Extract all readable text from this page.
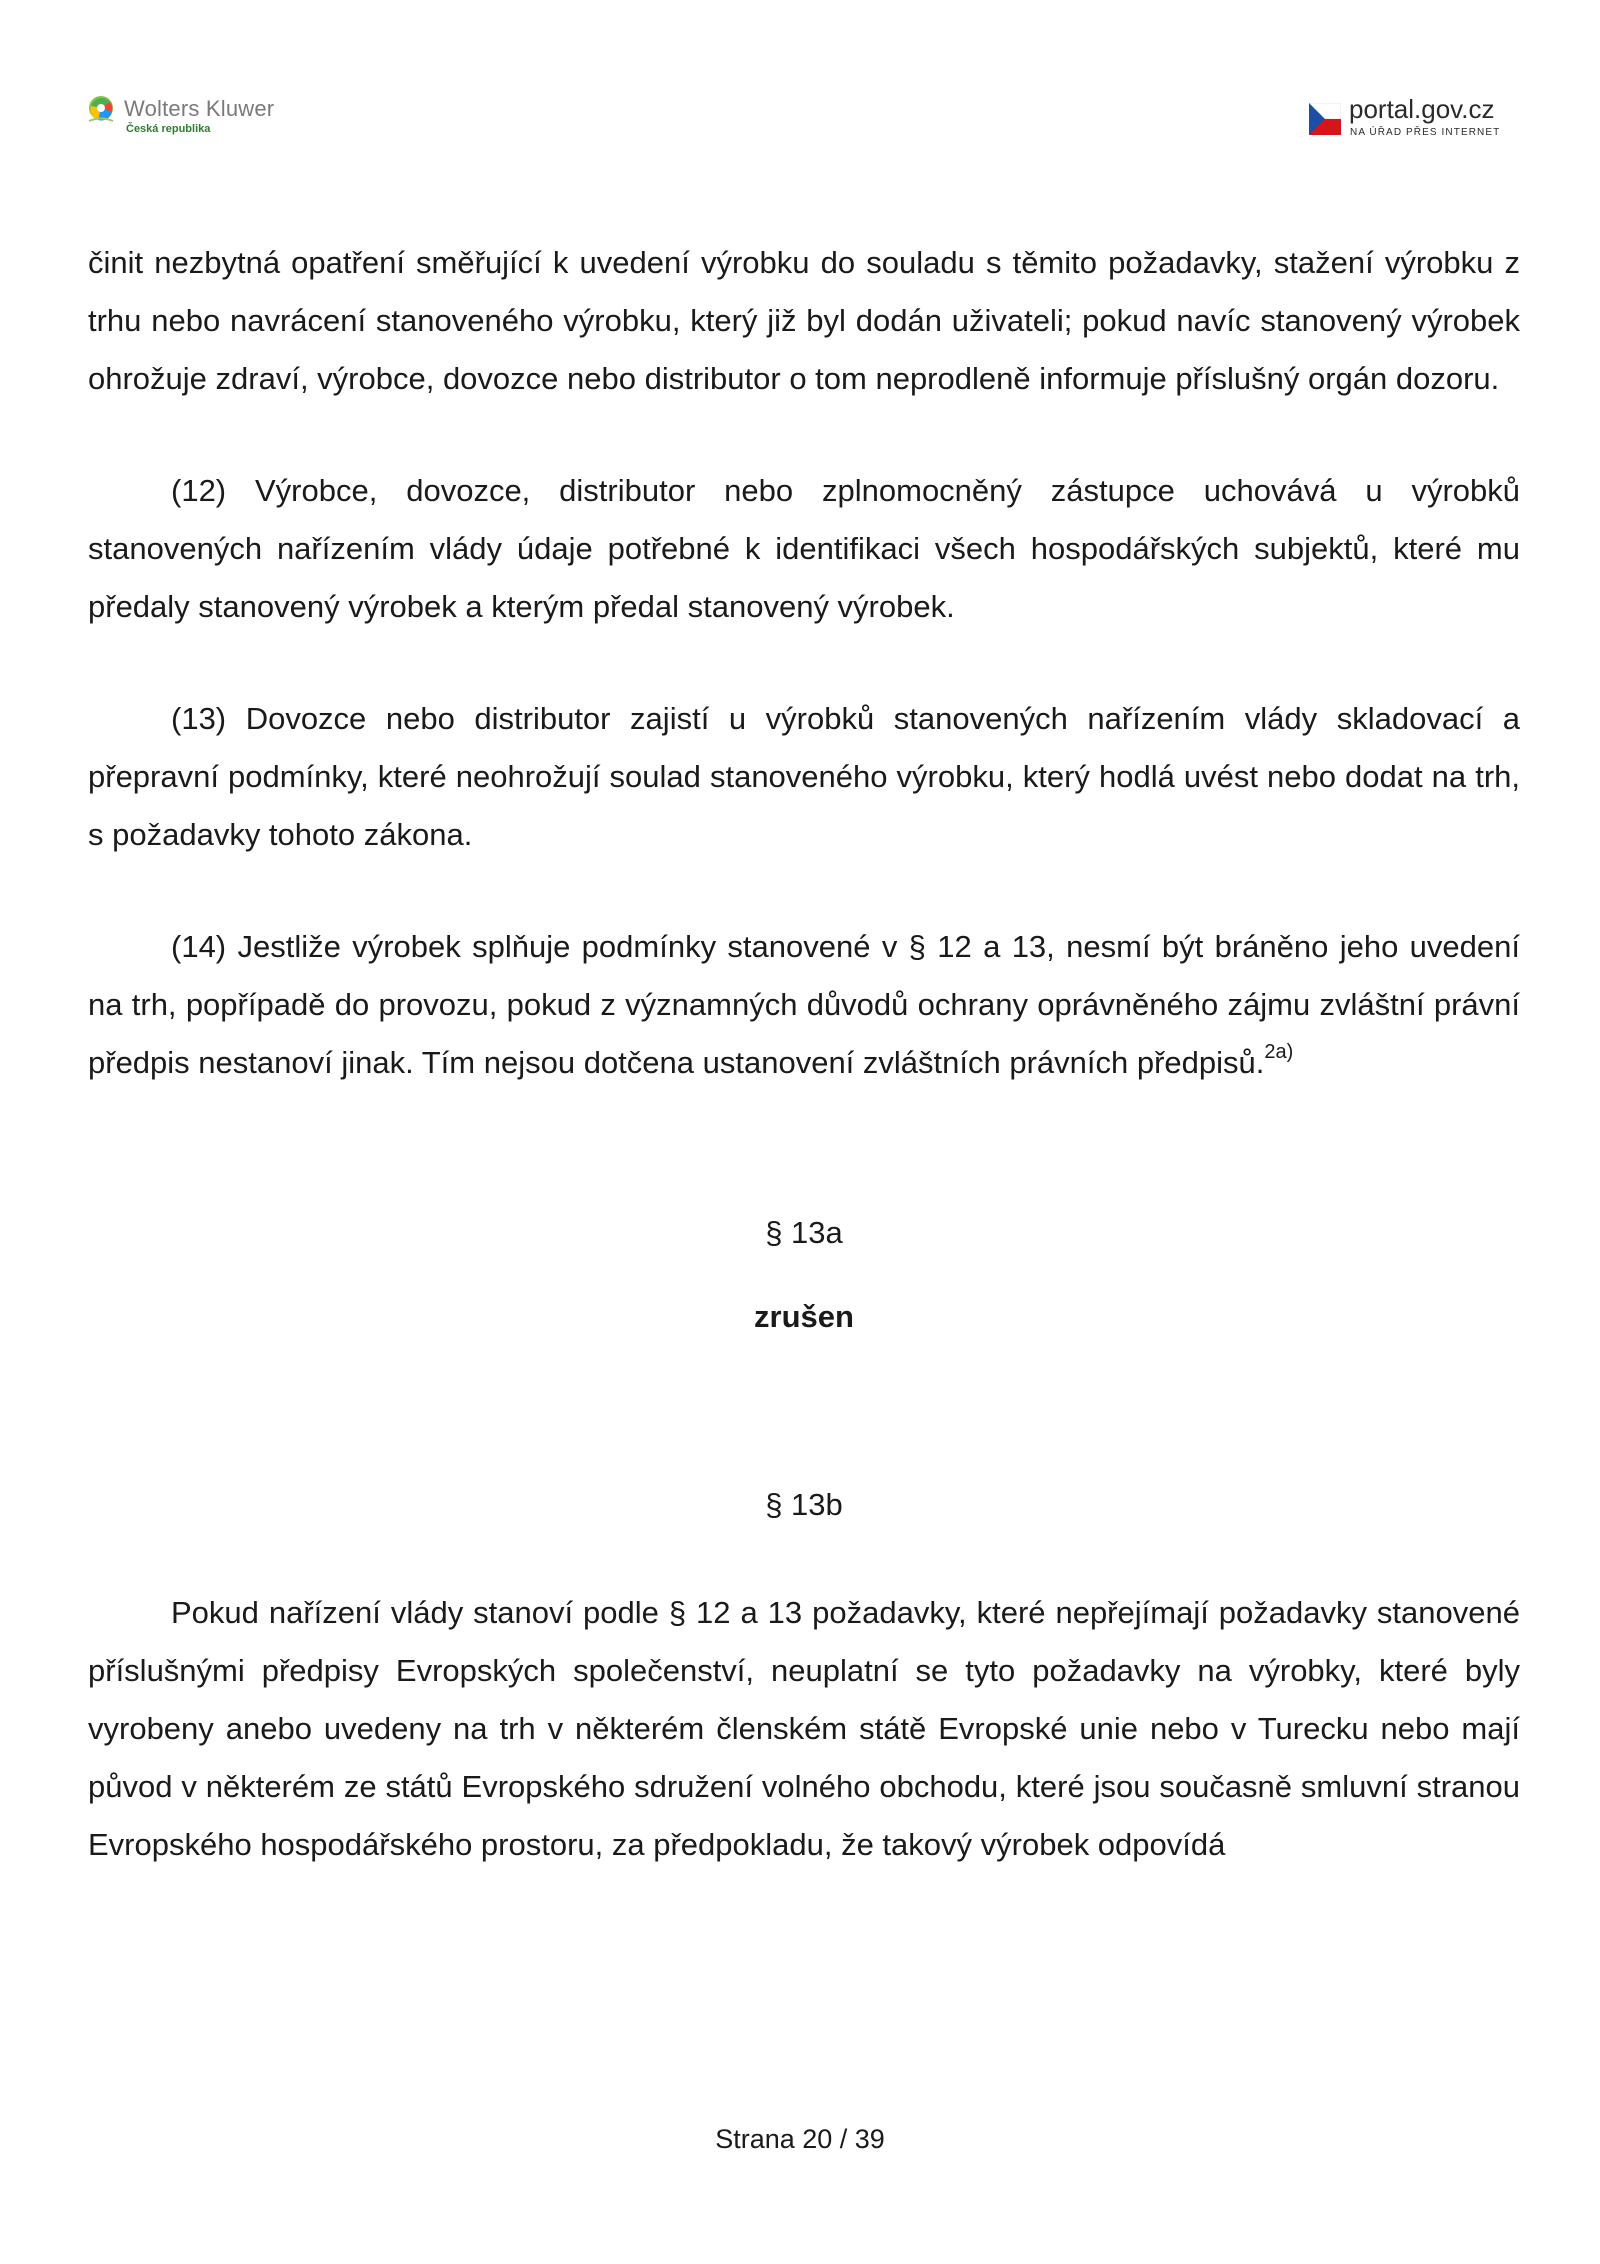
Wolters Kluwer
Česká republika
portal.gov.cz
NA ÚŘAD PŘES INTERNET

činit nezbytná opatření směřující k uvedení výrobku do souladu s těmito požadavky, stažení výrobku z trhu nebo navrácení stanoveného výrobku, který již byl dodán uživateli; pokud navíc stanovený výrobek ohrožuje zdraví, výrobce, dovozce nebo distributor o tom neprodleně informuje příslušný orgán dozoru.

(12) Výrobce, dovozce, distributor nebo zplnomocněný zástupce uchovává u výrobků stanovených nařízením vlády údaje potřebné k identifikaci všech hospodářských subjektů, které mu předaly stanovený výrobek a kterým předal stanovený výrobek.

(13) Dovozce nebo distributor zajistí u výrobků stanovených nařízením vlády skladovací a přepravní podmínky, které neohrožují soulad stanoveného výrobku, který hodlá uvést nebo dodat na trh, s požadavky tohoto zákona.

(14) Jestliže výrobek splňuje podmínky stanovené v § 12 a 13, nesmí být bráněno jeho uvedení na trh, popřípadě do provozu, pokud z významných důvodů ochrany oprávněného zájmu zvláštní právní předpis nestanoví jinak. Tím nejsou dotčena ustanovení zvláštních právních předpisů.$^{2a)}$

§ 13a

zrušen

§ 13b

Pokud nařízení vlády stanoví podle § 12 a 13 požadavky, které nepřejímají požadavky stanovené příslušnými předpisy Evropských společenství, neuplatní se tyto požadavky na výrobky, které byly vyrobeny anebo uvedeny na trh v některém členském státě Evropské unie nebo v Turecku nebo mají původ v některém ze států Evropského sdružení volného obchodu, které jsou současně smluvní stranou Evropského hospodářského prostoru, za předpokladu, že takový výrobek odpovídá

Strana 20 / 39
